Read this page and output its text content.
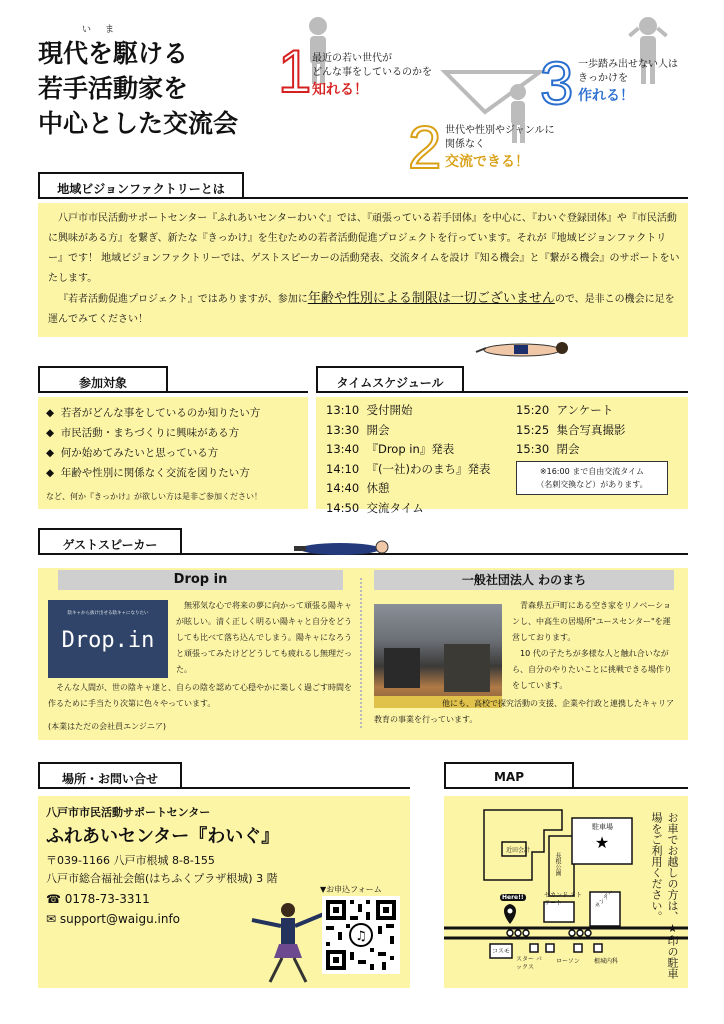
いま
現代を駆ける
若手活動家を
中心とした交流会
1 最近の若い世代が
どんな事をしているのかを
知れる！
2 世代や性別やジャンルに
関係なく
交流できる！
3 一歩踏み出せない人は
きっかけを
作れる！
地域ビジョンファクトリーとは
八戸市市民活動サポートセンター『ふれあいセンターわいぐ』では、『頑張っている若手団体』を中心に、『わいぐ登録団体』や『市民活動に興味がある方』を繋ぎ、新たな『きっかけ』を生むための若者活動促進プロジェクトを行っています。それが『地域ビジョンファクトリー』です！ 地域ビジョンファクトリーでは、ゲストスピーカーの活動発表、交流タイムを設け『知る機会』と『繋がる機会』のサポートをいたします。
『若者活動促進プロジェクト』ではありますが、参加に年齢や性別による制限は一切ございませんので、是非この機会に足を運んでみてください！
参加対象
◆  若者がどんな事をしているのか知りたい方
◆  市民活動・まちづくりに興味がある方
◆  何か始めてみたいと思っている方
◆  年齢や性別に関係なく交流を図りたい方
など、何か『きっかけ』が欲しい方は是非ご参加ください！
タイムスケジュール
13:10 受付開始
13:30 開会
13:40 『Drop in』発表
14:10 『(一社)わのまち』発表
14:40 休憩
14:50 交流タイム
15:20 アンケート
15:25 集合写真撮影
15:30 閉会
※16:00 まで自由交流タイム
（名刺交換など）があります。
ゲストスピーカー
Drop in
陰キャから抜け出せる陰キャになりたい
Drop.in
無邪気な心で将来の夢に向かって頑張る陽キャが眩しい。清く正しく明るい陽キャと自分をどうしても比べて落ち込んでしまう。陽キャになろうと頑張ってみたけどどうしても疲れるし無理だった。
そんな人間が、世の陰キャ達と、自らの陰を認めて心穏やかに楽しく過ごす時間を作るために手当たり次第に色々やっています。
(本業はただの会社員エンジニア)
一般社団法人 わのまち
青森県五戸町にある空き家をリノベーションし、中高生の居場所"ユースセンター"を運営しております。
10 代の子たちが多様な人と触れ合いながら、自分のやりたいことに挑戦できる場作りをしています。
他にも、高校で探究活動の支援、企業や行政と連携したキャリア教育の事業を行っています。
場所・お問い合せ
八戸市市民活動サポートセンター
ふれあいセンター『わいぐ』
〒039-1166 八戸市根城 8-8-155
八戸市総合福祉会館(はちふくプラザ根城) 3 階
☎ 0178-73-3311
✉ support@waigu.info
▼お申込フォーム
♫
MAP
★
近田会計
長根公園
駐車場
セカンド ストリート	サンデー
Here!!
コスモ
スター バックス
ローソン 根城内科	お車でお越しの方は、★印の駐車場をご利用ください。
